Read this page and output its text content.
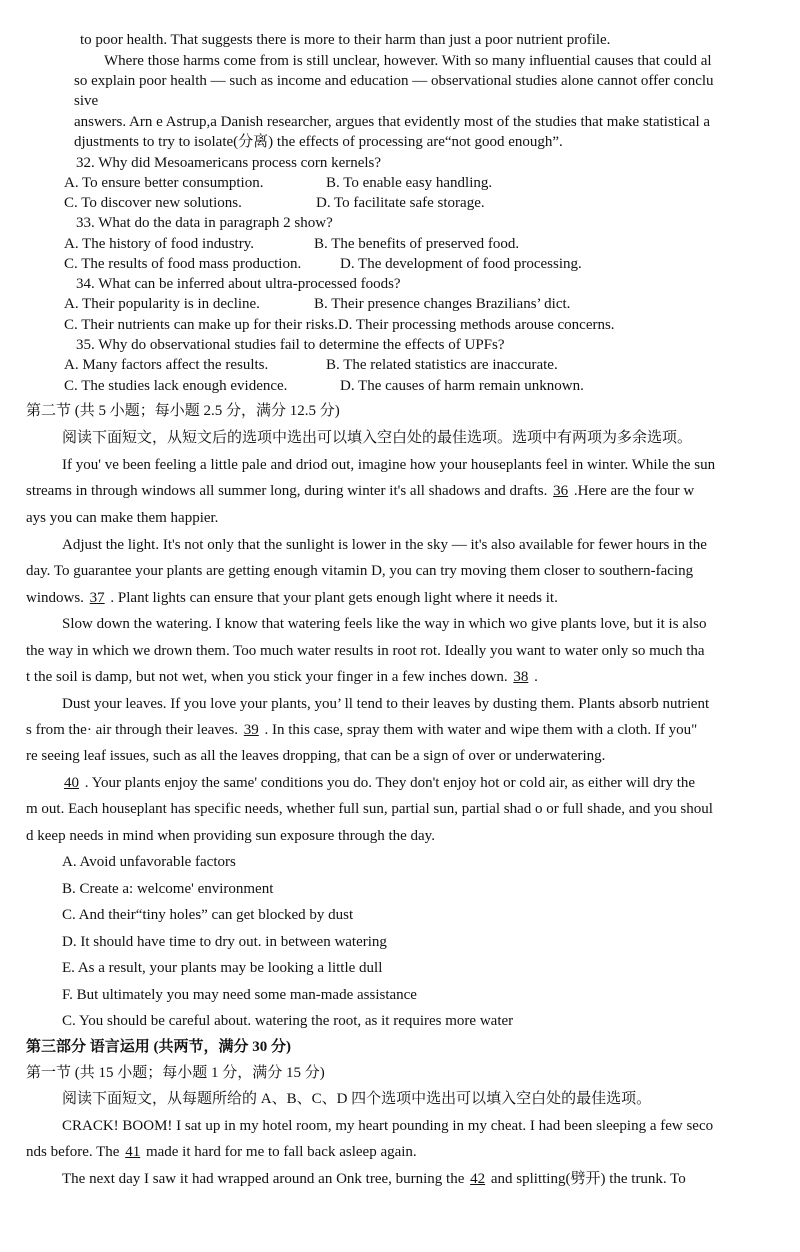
to poor health. That suggests there is more to their harm than just a poor nutrient profile.
Where those harms come from is still unclear, however. With so many influential causes that could al
so explain poor health — such as income and education — observational studies alone cannot offer conclu
sive
answers. Arn e Astrup,a Danish researcher, argues that evidently most of the studies that make statistical a
djustments to try to isolate(分离) the effects of processing are“not good enough”.
32. Why did Mesoamericans process corn kernels?
A. To ensure better consumption.	B. To enable easy handling.
C. To discover new solutions.	D. To facilitate safe storage.
33. What do the data in paragraph 2 show?
A. The history of food industry.	B. The benefits of preserved food.
C. The results of food mass production.	D. The development of food processing.
34. What can be inferred about ultra-processed foods?
A. Their popularity is in decline.	B. Their presence changes Brazilians’ dict.
C. Their nutrients can make up for their risks.D. Their processing methods arouse concerns.
35. Why do observational studies fail to determine the effects of UPFs?
A. Many factors affect the results.	B. The related statistics are inaccurate.
C. The studies lack enough evidence.	D. The causes of harm remain unknown.
第二节 (共 5 小题；每小题 2.5 分，满分 12.5 分)
阅读下面短文，从短文后的选项中选出可以填入空白处的最佳选项。选项中有两项为多余选项。
If you' ve been feeling a little pale and driod out, imagine how your houseplants feel in winter. While the sun
streams in through windows all summer long, during winter it's all shadows and drafts. 36 .Here are the four w
ays you can make them happier.
Adjust the light. It's not only that the sunlight is lower in the sky — it's also available for fewer hours in the
day. To guarantee your plants are getting enough vitamin D, you can try moving them closer to southern-facing
windows. 37 . Plant lights can ensure that your plant gets enough light where it needs it.
Slow down the watering. I know that watering feels like the way in which wo give plants love, but it is also
the way in which we drown them. Too much water results in root rot. Ideally you want to water only so much tha
t the soil is damp, but not wet, when you stick your finger in a few inches down. 38 .
Dust your leaves. If you love your plants, you’ ll tend to their leaves by dusting them. Plants absorb nutrient
s from the· air through their leaves. 39 . In this case, spray them with water and wipe them with a cloth. If you"
re seeing leaf issues, such as all the leaves dropping, that can be a sign of over or underwatering.
40 . Your plants enjoy the same' conditions you do. They don't enjoy hot or cold air, as either will dry the
m out. Each houseplant has specific needs, whether full sun, partial sun, partial shad o or full shade, and you shoul
d keep needs in mind when providing sun exposure through the day.
A. Avoid unfavorable factors
B. Create a: welcome' environment
C. And their“tiny holes” can get blocked by dust
D. It should have time to dry out. in between watering
E. As a result, your plants may be looking a little dull
F. But ultimately you may need some man-made assistance
C. You should be careful about. watering the root, as it requires more water
第三部分 语言运用 (共两节，满分 30 分)
第一节 (共 15 小题；每小题 1 分，满分 15 分)
阅读下面短文，从每题所给的 A、B、C、D 四个选项中选出可以填入空白处的最佳选项。
CRACK! BOOM! I sat up in my hotel room, my heart pounding in my cheat. I had been sleeping a few seco
nds before. The 41 made it hard for me to fall back asleep again.
The next day I saw it had wrapped around an Onk tree, burning the 42 and splitting(劈开) the trunk. To
